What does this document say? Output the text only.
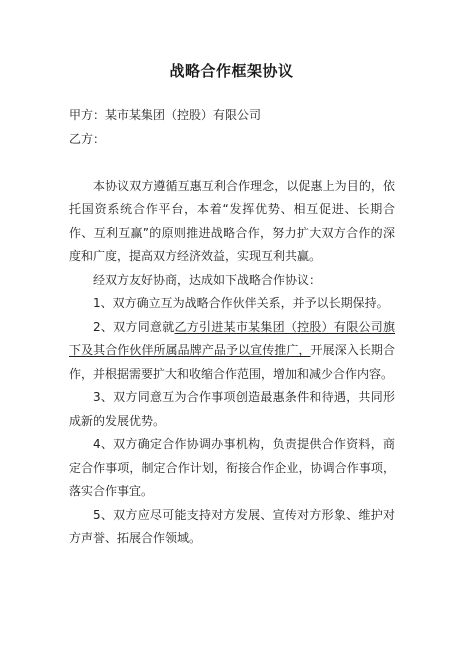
战略合作框架协议

甲方：某市某集团（控股）有限公司

乙方：

本协议双方遵循互惠互利合作理念，以促惠上为目的，依托国资系统合作平台，本着“发挥优势、相互促进、长期合作、互利互赢”的原则推进战略合作，努力扩大双方合作的深度和广度，提高双方经济效益，实现互利共赢。

经双方友好协商，达成如下战略合作协议：

1、双方确立互为战略合作伙伴关系，并予以长期保持。

2、双方同意就乙方引进某市某集团（控股）有限公司旗下及其合作伙伴所属品牌产品予以宣传推广，开展深入长期合作，并根据需要扩大和收缩合作范围，增加和减少合作内容。

3、双方同意互为合作事项创造最惠条件和待遇，共同形成新的发展优势。

4、双方确定合作协调办事机构，负责提供合作资料，商定合作事项，制定合作计划，衔接合作企业，协调合作事项，落实合作事宜。

5、双方应尽可能支持对方发展、宣传对方形象、维护对方声誉、拓展合作领域。
